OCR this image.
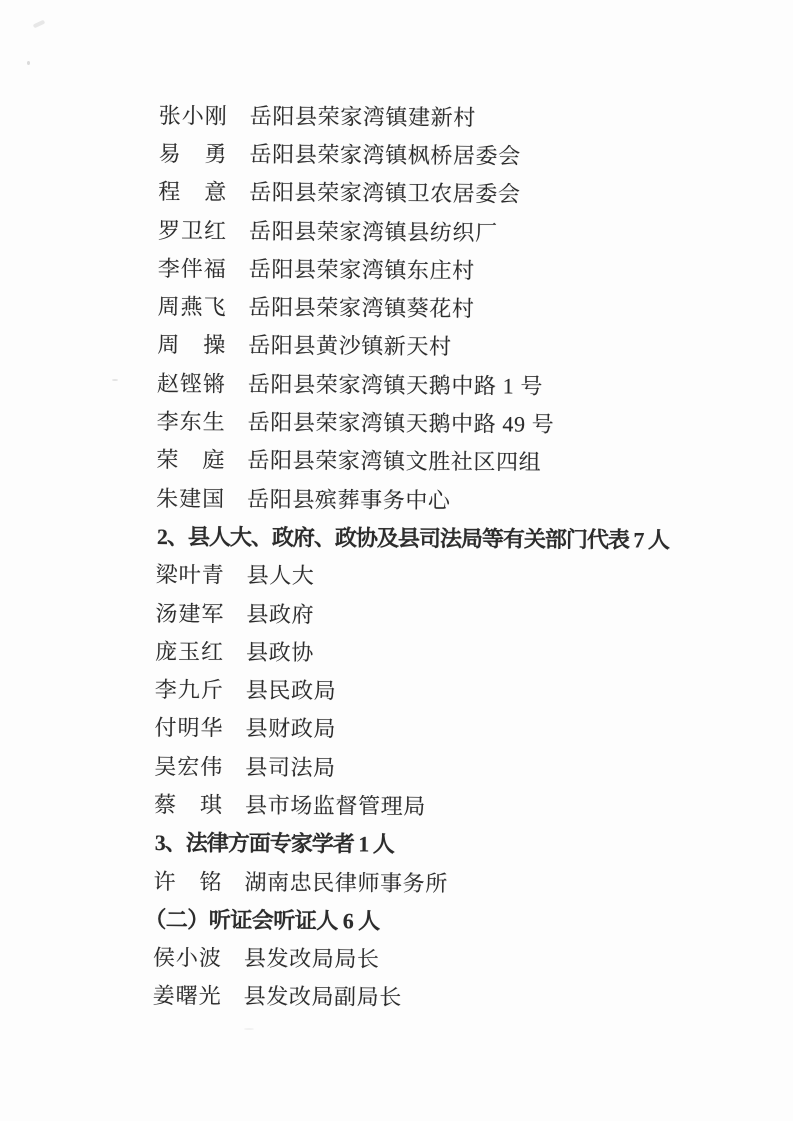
张小刚 岳阳县荣家湾镇建新村
易　勇 岳阳县荣家湾镇枫桥居委会
程　意 岳阳县荣家湾镇卫农居委会
罗卫红 岳阳县荣家湾镇县纺织厂
李伴福 岳阳县荣家湾镇东庄村
周燕飞 岳阳县荣家湾镇葵花村
周　操 岳阳县黄沙镇新天村
赵铿锵 岳阳县荣家湾镇天鹅中路 1 号
李东生 岳阳县荣家湾镇天鹅中路 49 号
荣　庭 岳阳县荣家湾镇文胜社区四组
朱建国 岳阳县殡葬事务中心
2、县人大、政府、政协及县司法局等有关部门代表 7 人
梁叶青 县人大
汤建军 县政府
庞玉红 县政协
李九斤 县民政局
付明华 县财政局
吴宏伟 县司法局
蔡　琪 县市场监督管理局
3、法律方面专家学者 1 人
许　铭 湖南忠民律师事务所
（二）听证会听证人 6 人
侯小波 县发改局局长
姜曙光 县发改局副局长
